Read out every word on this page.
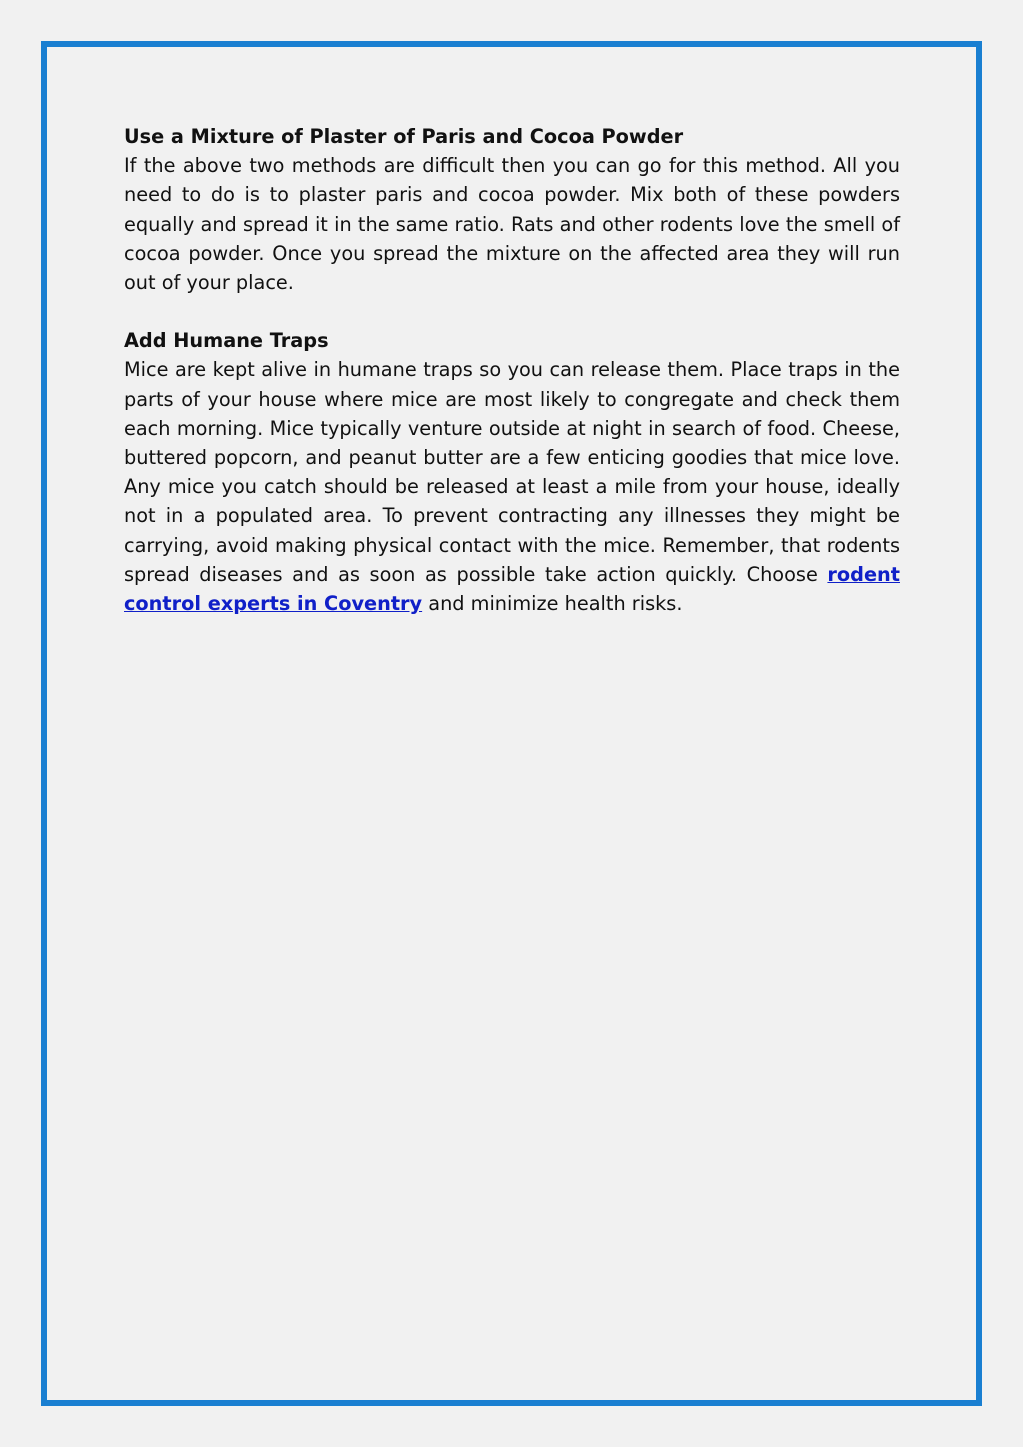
Use a Mixture of Plaster of Paris and Cocoa Powder

If the above two methods are difficult then you can go for this method. All you need to do is to plaster paris and cocoa powder. Mix both of these powders equally and spread it in the same ratio. Rats and other rodents love the smell of cocoa powder. Once you spread the mixture on the affected area they will run out of your place.

Add Humane Traps

Mice are kept alive in humane traps so you can release them. Place traps in the parts of your house where mice are most likely to congregate and check them each morning. Mice typically venture outside at night in search of food. Cheese, buttered popcorn, and peanut butter are a few enticing goodies that mice love. Any mice you catch should be released at least a mile from your house, ideally not in a populated area. To prevent contracting any illnesses they might be carrying, avoid making physical contact with the mice. Remember, that rodents spread diseases and as soon as possible take action quickly. Choose rodent control experts in Coventry and minimize health risks.
